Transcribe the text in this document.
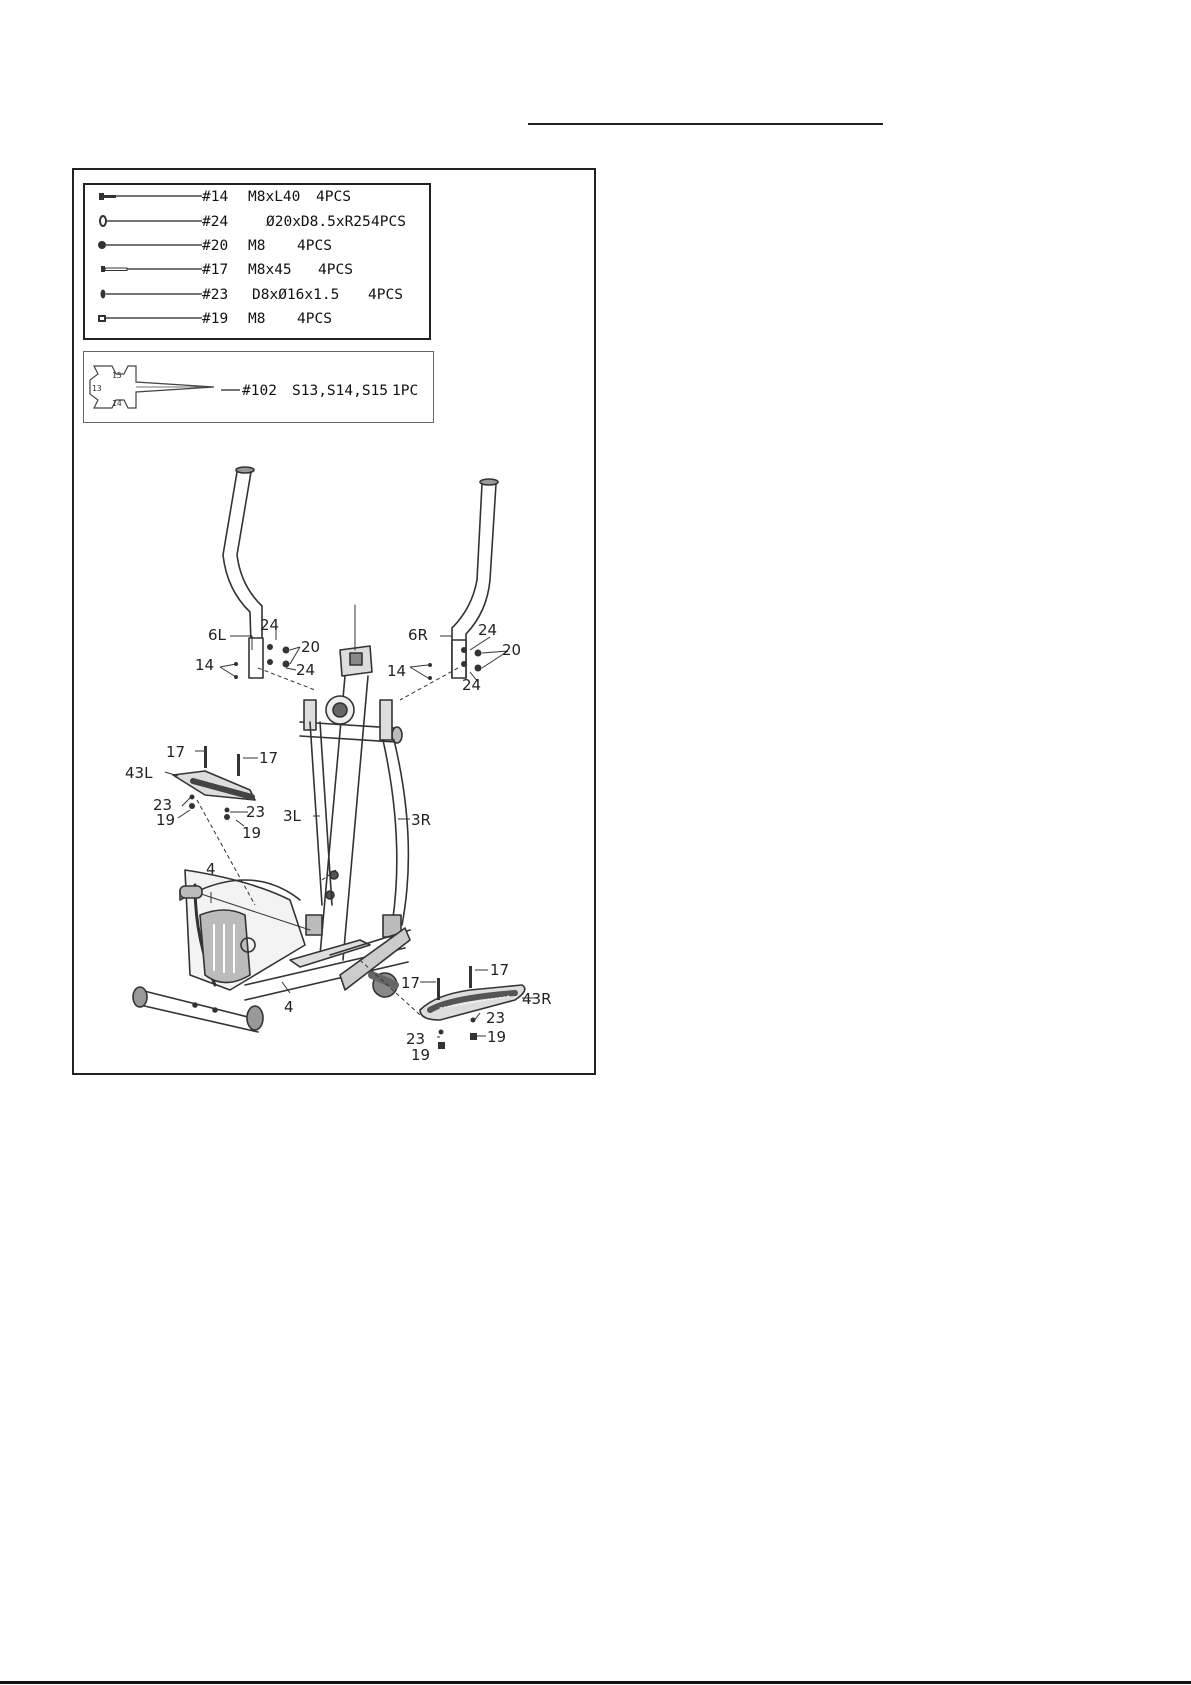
#14 M8xL40 4PCS
#24	Ø20xD8.5xR25 4PCS
#20 M8 4PCS
#17 M8x45 4PCS
#23 D8xØ16x1.5 4PCS
#19 M8 4PCS
15
13
14
#102 S13,S14,S15 1PC
6L
24
20
24
14
6R	24
20
24
14
17	17
43L
23
19	23
19
3L	3R
4
4
17
17
43R
23
19
23
19
